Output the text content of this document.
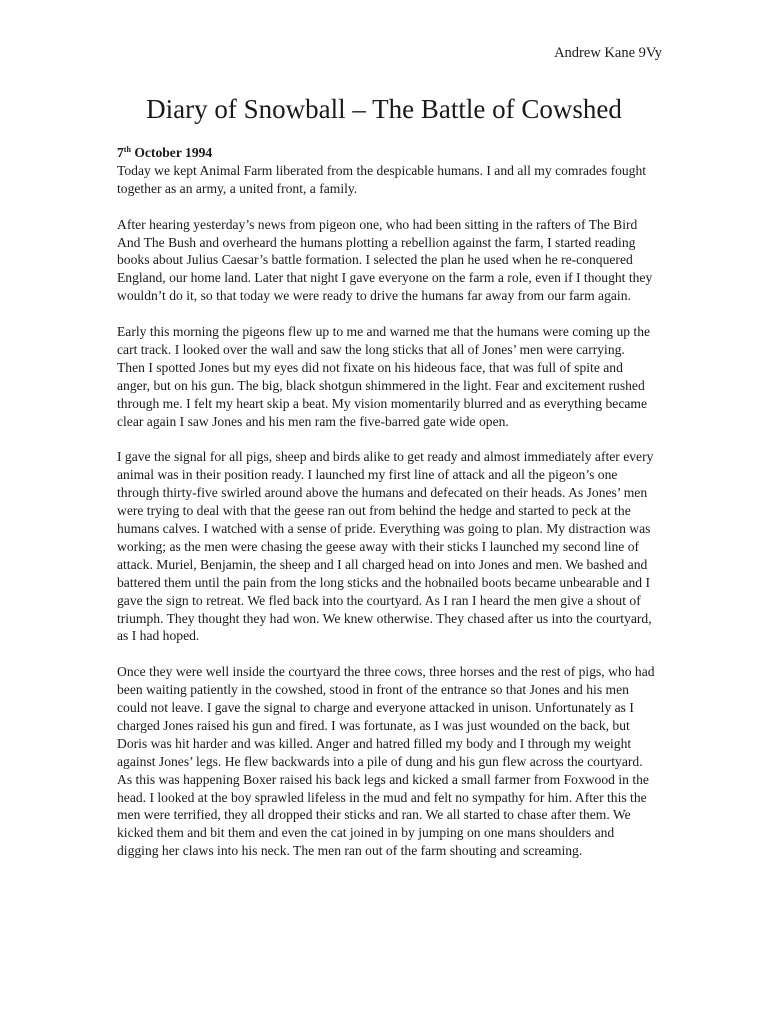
Andrew Kane 9Vy
Diary of Snowball – The Battle of Cowshed

7th October 1994

Today we kept Animal Farm liberated from the despicable humans. I and all my comrades fought together as an army, a united front, a family.

After hearing yesterday’s news from pigeon one, who had been sitting in the rafters of The Bird And The Bush and overheard the humans plotting a rebellion against the farm, I started reading books about Julius Caesar’s battle formation. I selected the plan he used when he re-conquered England, our home land. Later that night I gave everyone on the farm a role, even if I thought they wouldn’t do it, so that today we were ready to drive the humans far away from our farm again.

Early this morning the pigeons flew up to me and warned me that the humans were coming up the cart track. I looked over the wall and saw the long sticks that all of Jones’ men were carrying. Then I spotted Jones but my eyes did not fixate on his hideous face, that was full of spite and anger, but on his gun. The big, black shotgun shimmered in the light. Fear and excitement rushed through me. I felt my heart skip a beat. My vision momentarily blurred and as everything became clear again I saw Jones and his men ram the five-barred gate wide open.

I gave the signal for all pigs, sheep and birds alike to get ready and almost immediately after every animal was in their position ready. I launched my first line of attack and all the pigeon’s one through thirty-five swirled around above the humans and defecated on their heads. As Jones’ men were trying to deal with that the geese ran out from behind the hedge and started to peck at the humans calves. I watched with a sense of pride. Everything was going to plan. My distraction was working; as the men were chasing the geese away with their sticks I launched my second line of attack. Muriel, Benjamin, the sheep and I all charged head on into Jones and men. We bashed and battered them until the pain from the long sticks and the hobnailed boots became unbearable and I gave the sign to retreat. We fled back into the courtyard. As I ran I heard the men give a shout of triumph. They thought they had won. We knew otherwise. They chased after us into the courtyard, as I had hoped.

Once they were well inside the courtyard the three cows, three horses and the rest of pigs, who had been waiting patiently in the cowshed, stood in front of the entrance so that Jones and his men could not leave. I gave the signal to charge and everyone attacked in unison. Unfortunately as I charged Jones raised his gun and fired. I was fortunate, as I was just wounded on the back, but Doris was hit harder and was killed. Anger and hatred filled my body and I through my weight against Jones’ legs. He flew backwards into a pile of dung and his gun flew across the courtyard. As this was happening Boxer raised his back legs and kicked a small farmer from Foxwood in the head. I looked at the boy sprawled lifeless in the mud and felt no sympathy for him. After this the men were terrified, they all dropped their sticks and ran. We all started to chase after them. We kicked them and bit them and even the cat joined in by jumping on one mans shoulders and digging her claws into his neck. The men ran out of the farm shouting and screaming.
